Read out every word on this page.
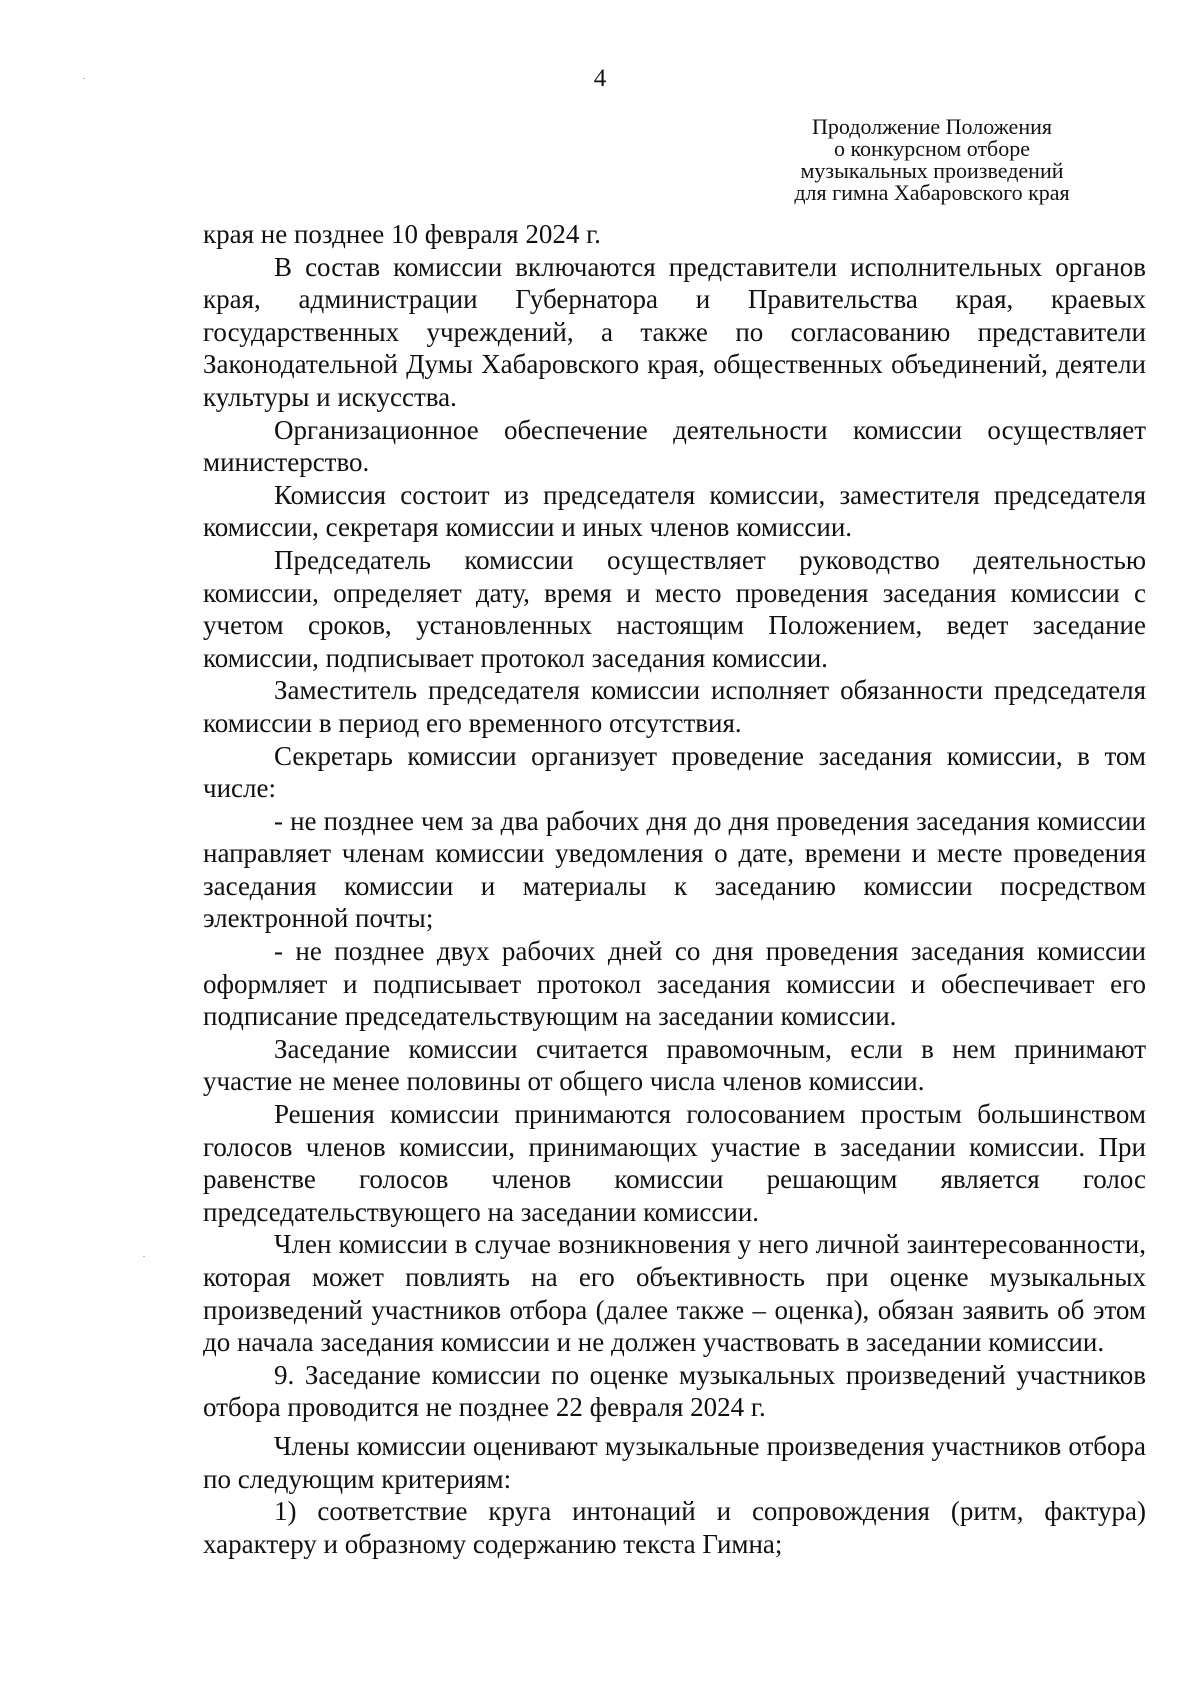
4
Продолжение Положения
о конкурсном отборе
музыкальных произведений
для гимна Хабаровского края

края не позднее 10 февраля 2024 г.

В состав комиссии включаются представители исполнительных органов края, администрации Губернатора и Правительства края, краевых государственных учреждений, а также по согласованию представители Законодательной Думы Хабаровского края, общественных объединений, деятели культуры и искусства.

Организационное обеспечение деятельности комиссии осуществляет министерство.

Комиссия состоит из председателя комиссии, заместителя председателя комиссии, секретаря комиссии и иных членов комиссии.

Председатель комиссии осуществляет руководство деятельностью комиссии, определяет дату, время и место проведения заседания комиссии с учетом сроков, установленных настоящим Положением, ведет заседание комиссии, подписывает протокол заседания комиссии.

Заместитель председателя комиссии исполняет обязанности председателя комиссии в период его временного отсутствия.

Секретарь комиссии организует проведение заседания комиссии, в том числе:

- не позднее чем за два рабочих дня до дня проведения заседания комиссии направляет членам комиссии уведомления о дате, времени и месте проведения заседания комиссии и материалы к заседанию комиссии посредством электронной почты;

- не позднее двух рабочих дней со дня проведения заседания комиссии оформляет и подписывает протокол заседания комиссии и обеспечивает его подписание председательствующим на заседании комиссии.

Заседание комиссии считается правомочным, если в нем принимают участие не менее половины от общего числа членов комиссии.

Решения комиссии принимаются голосованием простым большинством голосов членов комиссии, принимающих участие в заседании комиссии. При равенстве голосов членов комиссии решающим является голос председательствующего на заседании комиссии.

Член комиссии в случае возникновения у него личной заинтересованности, которая может повлиять на его объективность при оценке музыкальных произведений участников отбора (далее также – оценка), обязан заявить об этом до начала заседания комиссии и не должен участвовать в заседании комиссии.

9. Заседание комиссии по оценке музыкальных произведений участников отбора проводится не позднее 22 февраля 2024 г.

Члены комиссии оценивают музыкальные произведения участников отбора по следующим критериям:

1) соответствие круга интонаций и сопровождения (ритм, фактура) характеру и образному содержанию текста Гимна;
